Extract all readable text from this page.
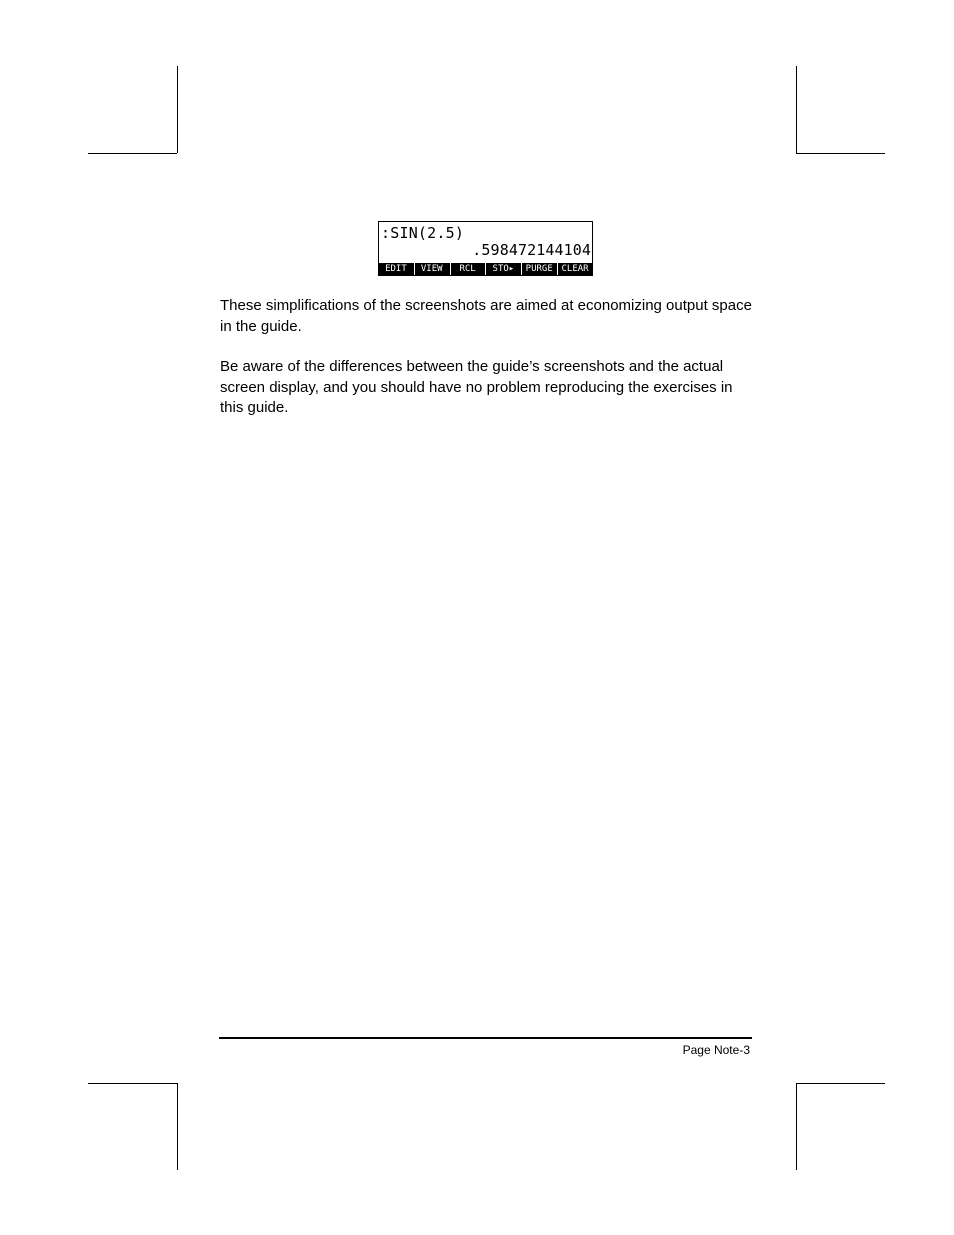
:SIN(2.5)
.598472144104
EDIT	VIEW	RCL	STO▸	PURGE CLEAR

These simplifications of the screenshots are aimed at economizing output space in the guide.

Be aware of the differences between the guide’s screenshots and the actual screen display, and you should have no problem reproducing the exercises in this guide.

Page Note-3
